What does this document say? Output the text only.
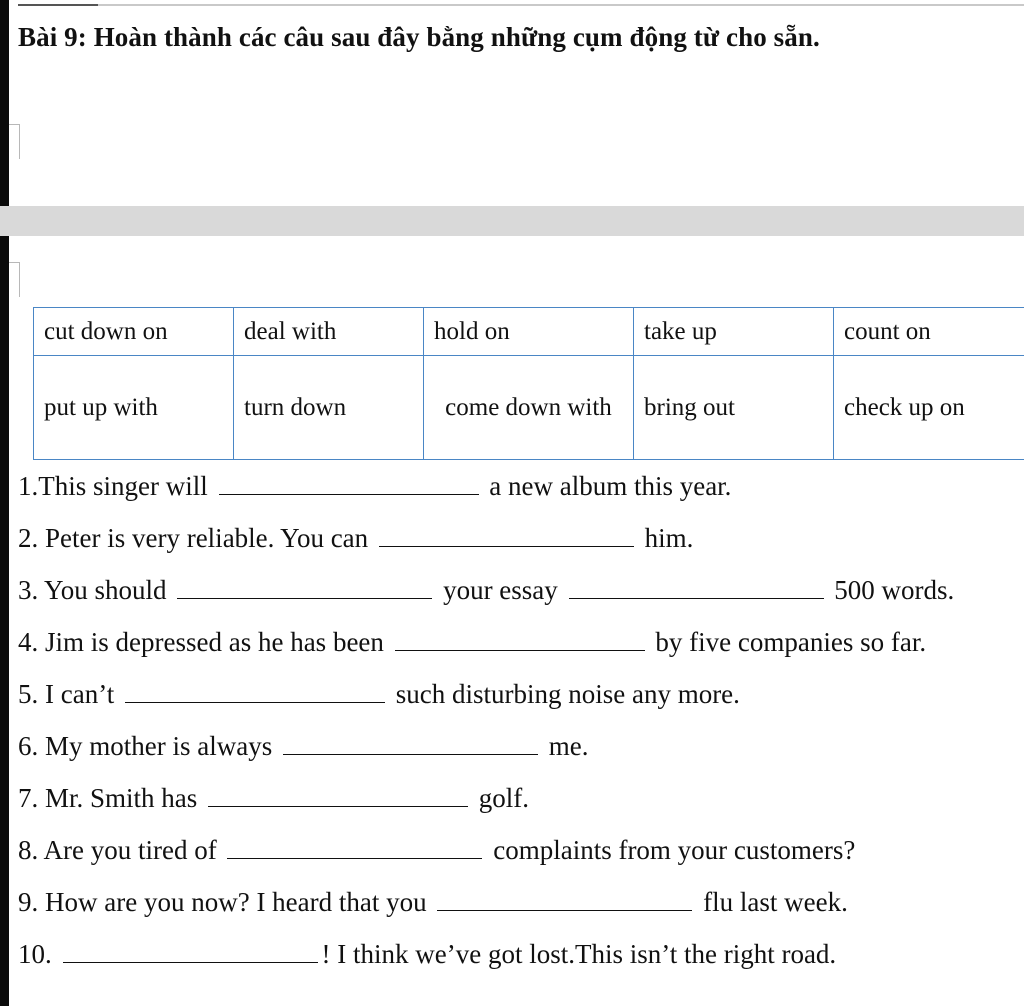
Bài 9: Hoàn thành các câu sau đây bằng những cụm động từ cho sẵn.
cut down on	deal with	hold on	take up	count on
put up with	turn down	come down with	bring out	check up on
1.This singer will	a new album this year.
2. Peter is very reliable. You can	him.
3. You should	your essay	500 words.
4. Jim is depressed as he has been	by five companies so far.
5. I can’t	such disturbing noise any more.
6. My mother is always	me.
7. Mr. Smith has	golf.
8. Are you tired of	complaints from your customers?
9. How are you now? I heard that you	flu last week.
10.	! I think we’ve got lost.This isn’t the right road.
